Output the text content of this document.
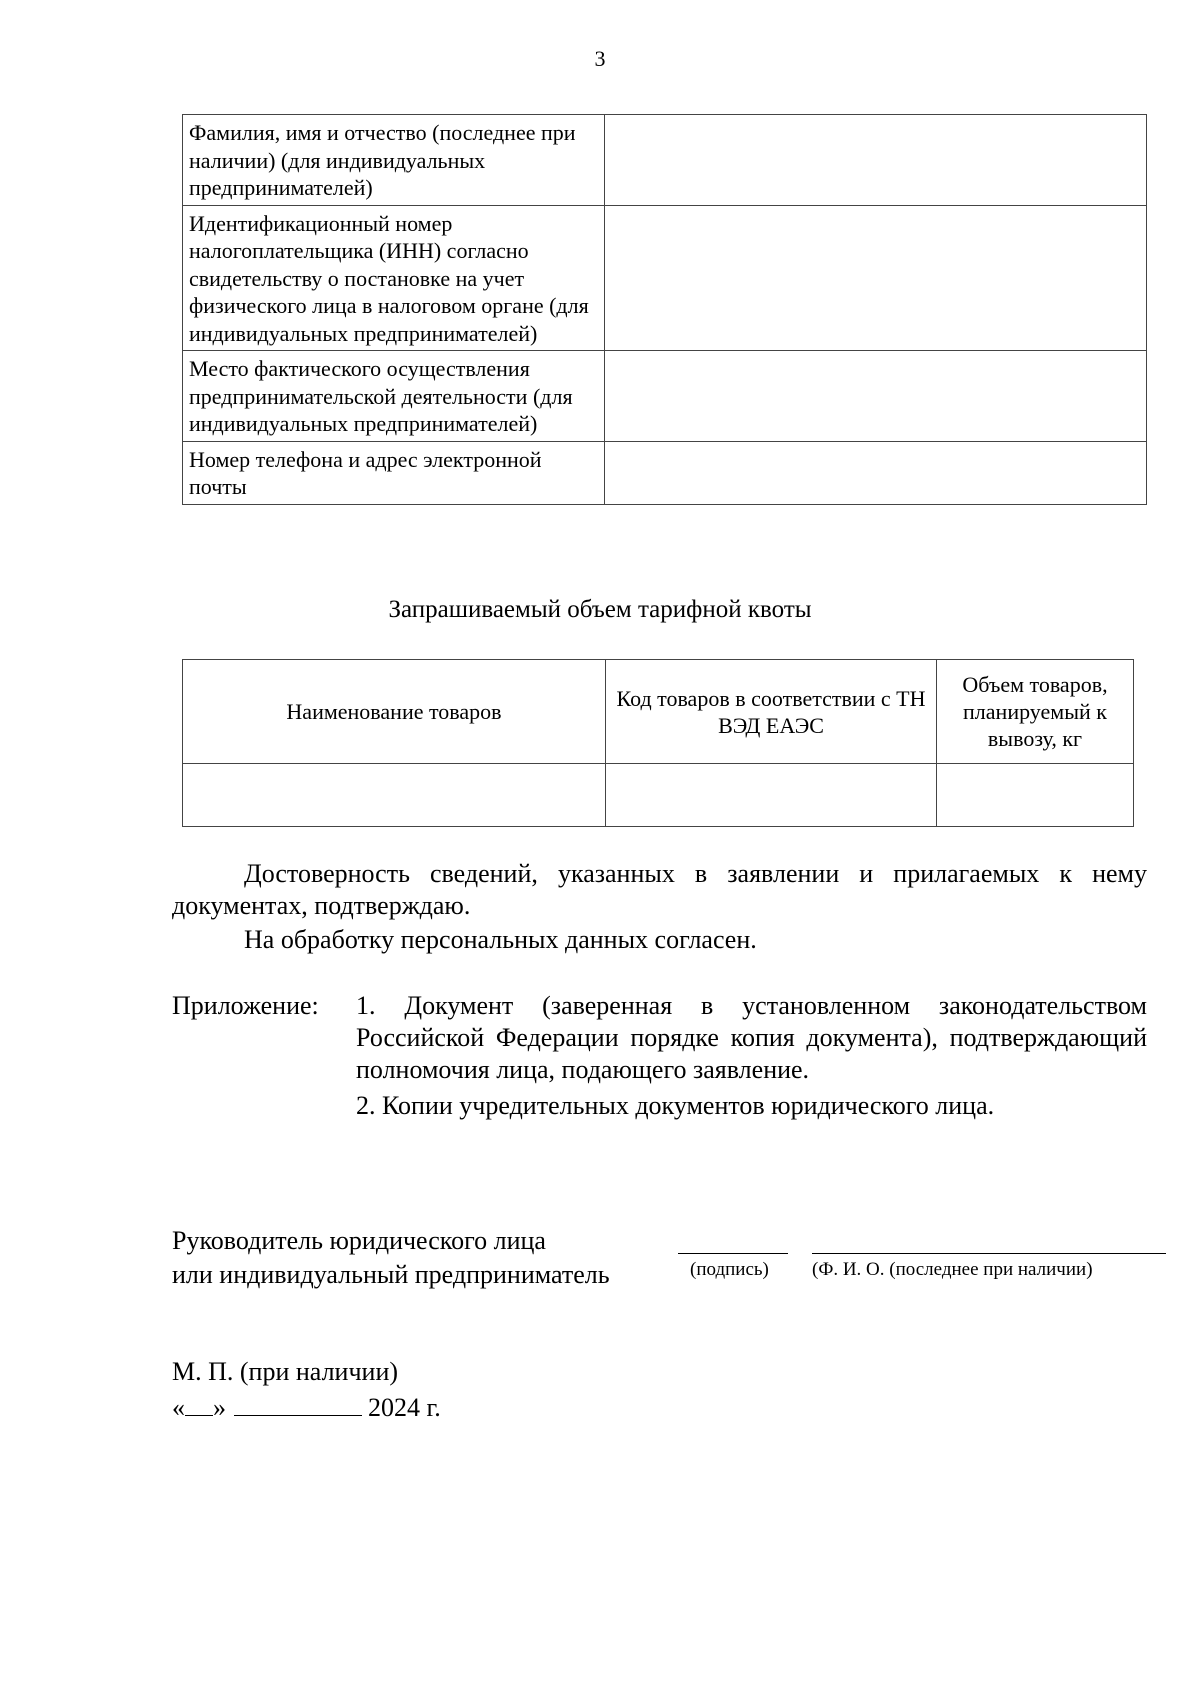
3
Фамилия, имя и отчество (последнее при наличии) (для индивидуальных предпринимателей)	
Идентификационный номер налогоплательщика (ИНН) согласно свидетельству о постановке на учет физического лица в налоговом органе (для индивидуальных предпринимателей)	
Место фактического осуществления предпринимательской деятельности (для индивидуальных предпринимателей)	
Номер телефона и адрес электронной почты	
Запрашиваемый объем тарифной квоты
Наименование товаров	Код товаров в соответствии с ТН ВЭД ЕАЭС	Объем товаров, планируемый к вывозу, кг

Достоверность сведений, указанных в заявлении и прилагаемых к нему документах, подтверждаю.
На обработку персональных данных согласен.
Приложение: 1. Документ (заверенная в установленном законодательством Российской Федерации порядке копия документа), подтверждающий полномочия лица, подающего заявление.
2. Копии учредительных документов юридического лица.
Руководитель юридического лица
или индивидуальный предприниматель	(подпись) (Ф. И. О. (последнее при наличии)
М. П. (при наличии)
« »	2024 г.
